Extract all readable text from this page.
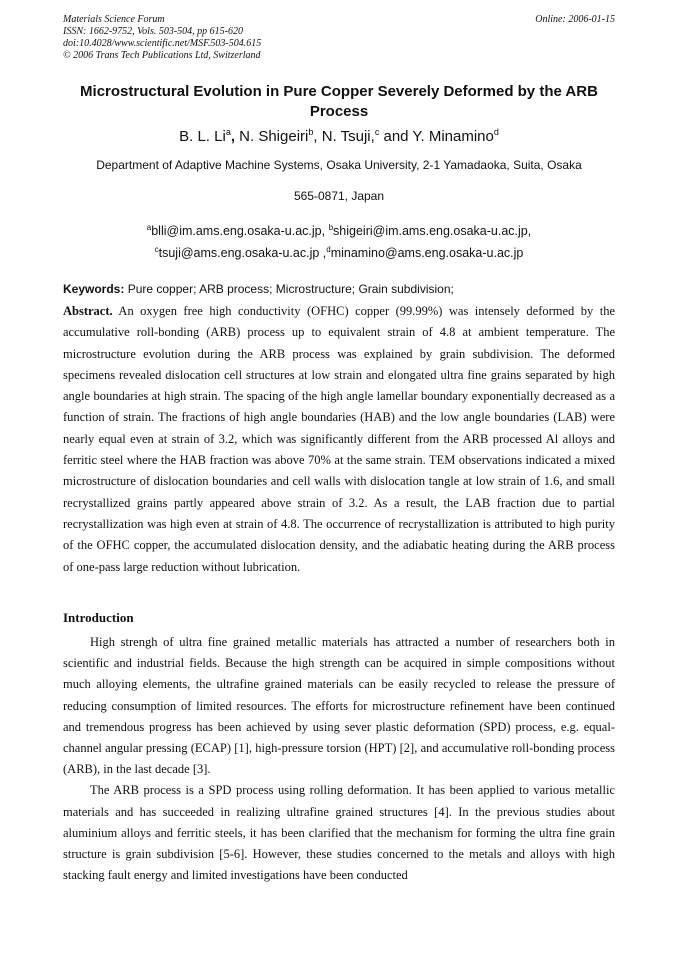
Materials Science Forum
ISSN: 1662-9752, Vols. 503-504, pp 615-620
doi:10.4028/www.scientific.net/MSF.503-504.615
© 2006 Trans Tech Publications Ltd, Switzerland
Online: 2006-01-15
Microstructural Evolution in Pure Copper Severely Deformed by the ARB Process
B. L. Li$^a$, N. Shigeiri$^b$, N. Tsuji,$^c$ and Y. Minamino$^d$
Department of Adaptive Machine Systems, Osaka University, 2-1 Yamadaoka, Suita, Osaka
565-0871, Japan
$^a$blli@im.ams.eng.osaka-u.ac.jp, $^b$shigeiri@im.ams.eng.osaka-u.ac.jp,
$^c$tsuji@ams.eng.osaka-u.ac.jp ,$^d$minamino@ams.eng.osaka-u.ac.jp
Keywords: Pure copper; ARB process; Microstructure; Grain subdivision;
Abstract. An oxygen free high conductivity (OFHC) copper (99.99%) was intensely deformed by the accumulative roll-bonding (ARB) process up to equivalent strain of 4.8 at ambient temperature. The microstructure evolution during the ARB process was explained by grain subdivision. The deformed specimens revealed dislocation cell structures at low strain and elongated ultra fine grains separated by high angle boundaries at high strain. The spacing of the high angle lamellar boundary exponentially decreased as a function of strain. The fractions of high angle boundaries (HAB) and the low angle boundaries (LAB) were nearly equal even at strain of 3.2, which was significantly different from the ARB processed Al alloys and ferritic steel where the HAB fraction was above 70% at the same strain. TEM observations indicated a mixed microstructure of dislocation boundaries and cell walls with dislocation tangle at low strain of 1.6, and small recrystallized grains partly appeared above strain of 3.2. As a result, the LAB fraction due to partial recrystallization was high even at strain of 4.8. The occurrence of recrystallization is attributed to high purity of the OFHC copper, the accumulated dislocation density, and the adiabatic heating during the ARB process of one-pass large reduction without lubrication.
Introduction

High strengh of ultra fine grained metallic materials has attracted a number of researchers both in scientific and industrial fields. Because the high strength can be acquired in simple compositions without much alloying elements, the ultrafine grained materials can be easily recycled to release the pressure of reducing consumption of limited resources. The efforts for microstructure refinement have been continued and tremendous progress has been achieved by using sever plastic deformation (SPD) process, e.g. equal-channel angular pressing (ECAP) [1], high-pressure torsion (HPT) [2], and accumulative roll-bonding process (ARB), in the last decade [3].

The ARB process is a SPD process using rolling deformation. It has been applied to various metallic materials and has succeeded in realizing ultrafine grained structures [4]. In the previous studies about aluminium alloys and ferritic steels, it has been clarified that the mechanism for forming the ultra fine grain structure is grain subdivision [5-6]. However, these studies concerned to the metals and alloys with high stacking fault energy and limited investigations have been conducted
